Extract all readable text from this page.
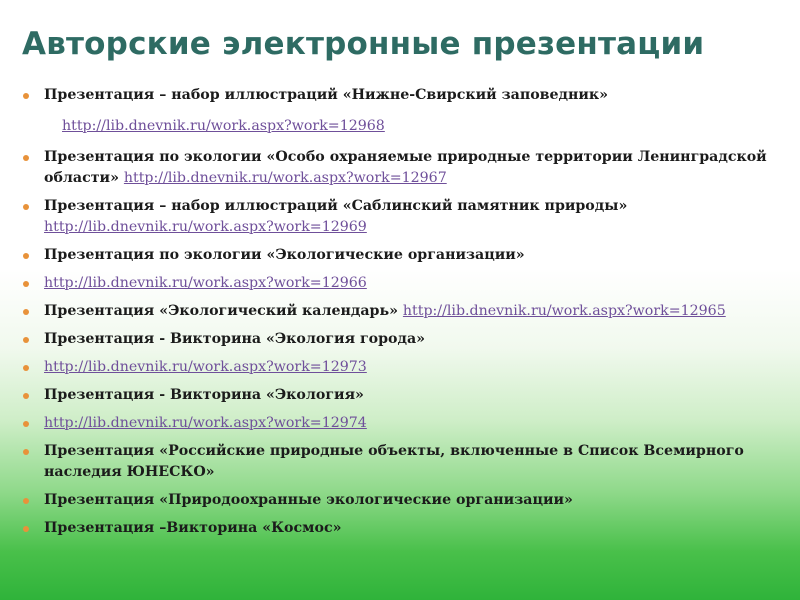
Авторские электронные презентации
Презентация – набор иллюстраций «Нижне-Свирский заповедник»
http://lib.dnevnik.ru/work.aspx?work=12968
Презентация по экологии «Особо охраняемые природные территории Ленинградской области» http://lib.dnevnik.ru/work.aspx?work=12967
Презентация – набор иллюстраций «Саблинский памятник природы» http://lib.dnevnik.ru/work.aspx?work=12969
Презентация по экологии «Экологические организации»
http://lib.dnevnik.ru/work.aspx?work=12966
Презентация «Экологический календарь» http://lib.dnevnik.ru/work.aspx?work=12965
Презентация - Викторина «Экология города»
http://lib.dnevnik.ru/work.aspx?work=12973
Презентация - Викторина «Экология»
http://lib.dnevnik.ru/work.aspx?work=12974
Презентация «Российские природные объекты, включенные в Список Всемирного наследия ЮНЕСКО»
Презентация «Природоохранные экологические организации»
Презентация –Викторина «Космос»
